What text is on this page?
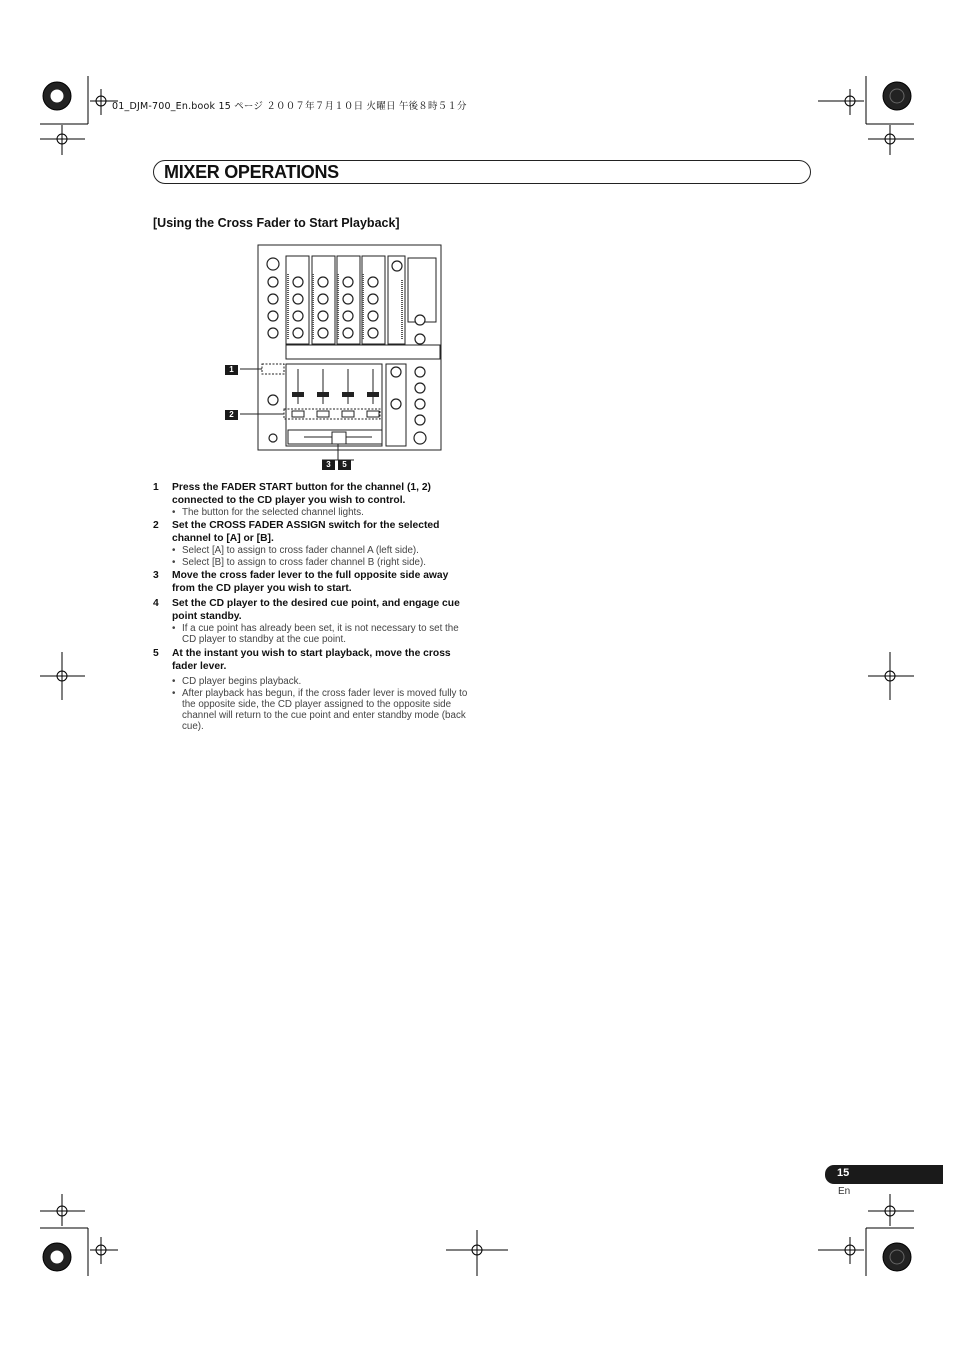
01_DJM-700_En.book 15 ページ ２００７年７月１０日 火曜日 午後８時５１分
MIXER OPERATIONS
[Using the Cross Fader to Start Playback]
1
2
3	5
1	Press the FADER START button for the channel (1, 2) connected to the CD player you wish to control.
• The button for the selected channel lights.
2	Set the CROSS FADER ASSIGN switch for the selected channel to [A] or [B].
• Select [A] to assign to cross fader channel A (left side).
• Select [B] to assign to cross fader channel B (right side).
3	Move the cross fader lever to the full opposite side away from the CD player you wish to start.
4	Set the CD player to the desired cue point, and engage cue point standby.
• If a cue point has already been set, it is not necessary to set the CD player to standby at the cue point.
5	At the instant you wish to start playback, move the cross fader lever.
• CD player begins playback.
• After playback has begun, if the cross fader lever is moved fully to the opposite side, the CD player assigned to the opposite side channel will return to the cue point and enter standby mode (back cue).
15
En
